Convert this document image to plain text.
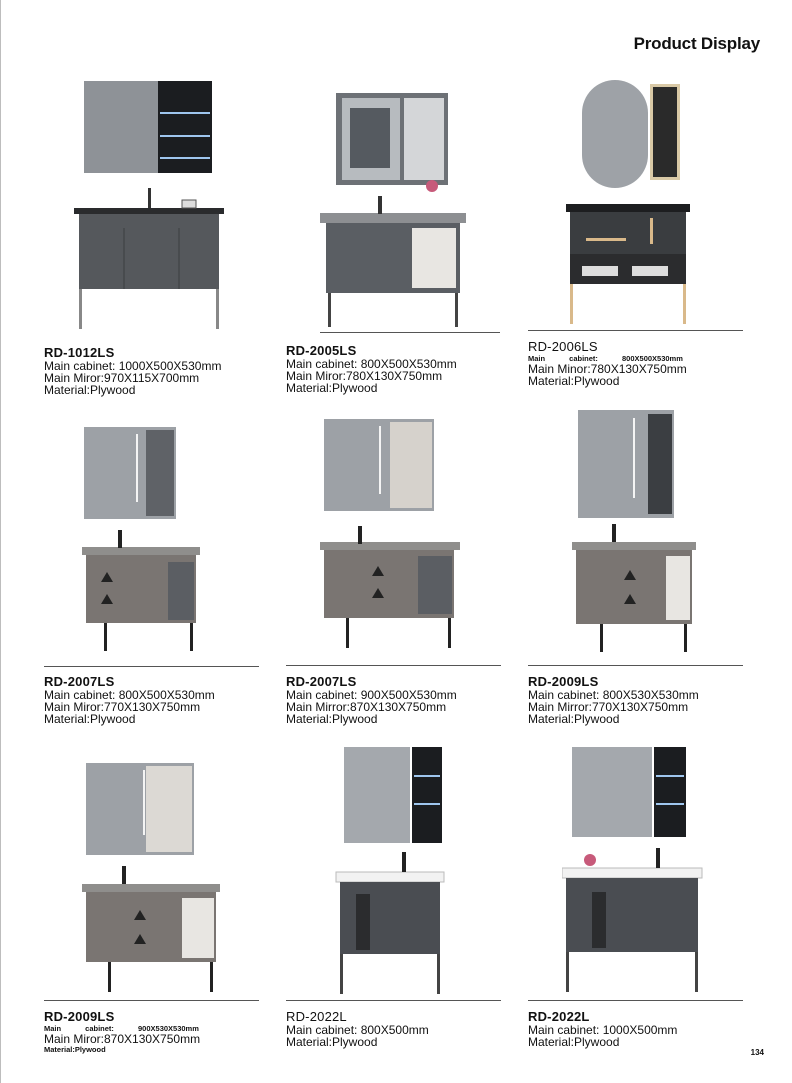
Product Display
RD-1012LS
Main cabinet: 1000X500X530mm
Main Miror:970X115X700mm
Material:Plywood
RD-2005LS
Main cabinet: 800X500X530mm
Main Miror:780X130X750mm
Material:Plywood
RD-2006LS
Main cabinet: 800X500X530mm
Main Minor:780X130X750mm
Material:Plywood
RD-2007LS
Main cabinet: 800X500X530mm
Main Miror:770X130X750mm
Material:Plywood
RD-2007LS
Main cabinet: 900X500X530mm
Main Mirror:870X130X750mm
Material:Plywood
RD-2009LS
Main cabinet: 800X530X530mm
Main Mirror:770X130X750mm
Material:Plywood
RD-2009LS
Main cabinet: 900X530X530mm
Main Miror:870X130X750mm
Material:Plywood
RD-2022L
Main cabinet: 800X500mm
Material:Plywood
RD-2022L
Main cabinet: 1000X500mm
Material:Plywood
134
